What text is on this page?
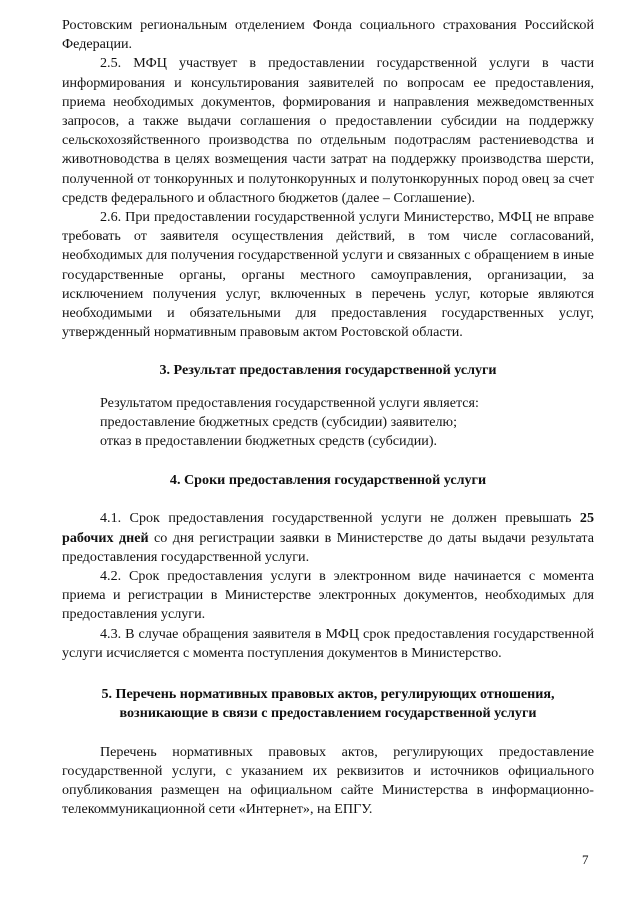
Ростовским региональным отделением Фонда социального страхования Российской Федерации.

2.5. МФЦ участвует в предоставлении государственной услуги в части информирования и консультирования заявителей по вопросам ее предоставления, приема необходимых документов, формирования и направления межведомственных запросов, а также выдачи соглашения о предоставлении субсидии на поддержку сельскохозяйственного производства по отдельным подотраслям растениеводства и животноводства в целях возмещения части затрат на поддержку производства шерсти, полученной от тонкорунных и полутонкорунных и полутонкорунных пород овец за счет средств федерального и областного бюджетов (далее – Соглашение).

2.6. При предоставлении государственной услуги Министерство, МФЦ не вправе требовать от заявителя осуществления действий, в том числе согласований, необходимых для получения государственной услуги и связанных с обращением в иные государственные органы, органы местного самоуправления, организации, за исключением получения услуг, включенных в перечень услуг, которые являются необходимыми и обязательными для предоставления государственных услуг, утвержденный нормативным правовым актом Ростовской области.

3. Результат предоставления государственной услуги

Результатом предоставления государственной услуги является:

предоставление бюджетных средств (субсидии) заявителю;

отказ в предоставлении бюджетных средств (субсидии).

4. Сроки предоставления государственной услуги

4.1. Срок предоставления государственной услуги не должен превышать 25 рабочих дней со дня регистрации заявки в Министерстве до даты выдачи результата предоставления государственной услуги.

4.2. Срок предоставления услуги в электронном виде начинается с момента приема и регистрации в Министерстве электронных документов, необходимых для предоставления услуги.

4.3. В случае обращения заявителя в МФЦ срок предоставления государственной услуги исчисляется с момента поступления документов в Министерство.

5. Перечень нормативных правовых актов, регулирующих отношения,
возникающие в связи с предоставлением государственной услуги

Перечень нормативных правовых актов, регулирующих предоставление государственной услуги, с указанием их реквизитов и источников официального опубликования размещен на официальном сайте Министерства в информационно-телекоммуникационной сети «Интернет», на ЕПГУ.

7
